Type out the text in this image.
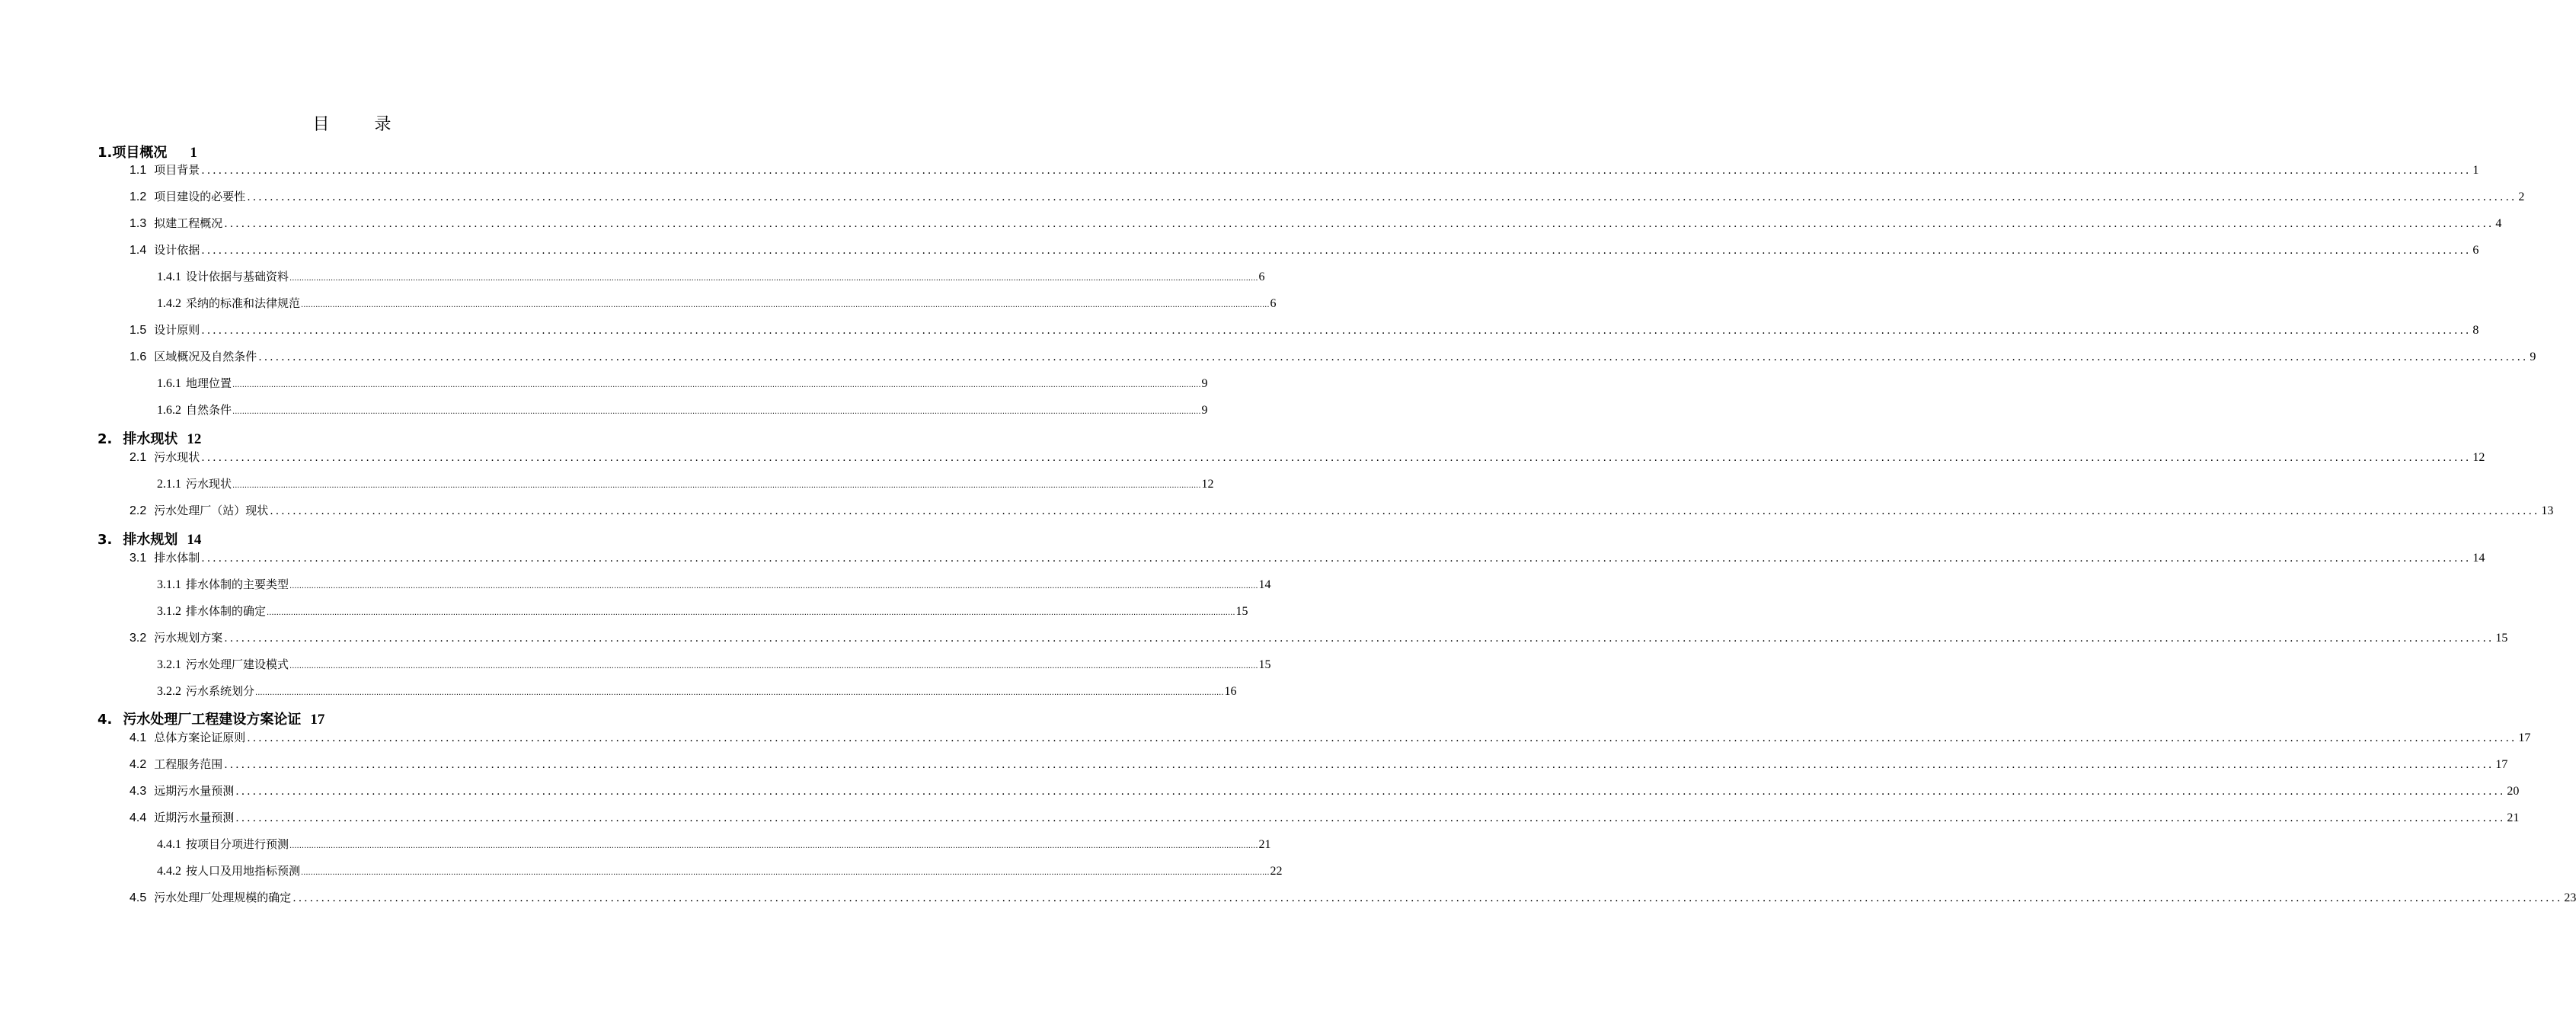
目 录
1.项目概况 1
1.1 项目背景 ................................................................................................................................................................................................................................................................................................................................................................................................................ 1
1.2 项目建设的必要性 ................................................................................................................................................................................................................................................................................................................................................................................................................ 2
1.3 拟建工程概况 ................................................................................................................................................................................................................................................................................................................................................................................................................ 4
1.4 设计依据 ................................................................................................................................................................................................................................................................................................................................................................................................................ 6
1.4.1 设计依据与基础资料 ................................................................................................................................................................................................................................................................................................................................................................................................................ 6
1.4.2 采纳的标准和法律规范 ................................................................................................................................................................................................................................................................................................................................................................................................................ 6
1.5 设计原则 ................................................................................................................................................................................................................................................................................................................................................................................................................ 8
1.6 区域概况及自然条件 ................................................................................................................................................................................................................................................................................................................................................................................................................ 9
1.6.1 地理位置 ................................................................................................................................................................................................................................................................................................................................................................................................................ 9
1.6.2 自然条件 ................................................................................................................................................................................................................................................................................................................................................................................................................ 9
2. 排水现状 12
2.1 污水现状 ................................................................................................................................................................................................................................................................................................................................................................................................................ 12
2.1.1 污水现状 ................................................................................................................................................................................................................................................................................................................................................................................................................ 12
2.2 污水处理厂（站）现状 ................................................................................................................................................................................................................................................................................................................................................................................................................ 13
3. 排水规划 14
3.1 排水体制 ................................................................................................................................................................................................................................................................................................................................................................................................................ 14
3.1.1 排水体制的主要类型 ................................................................................................................................................................................................................................................................................................................................................................................................................ 14
3.1.2 排水体制的确定 ................................................................................................................................................................................................................................................................................................................................................................................................................ 15
3.2 污水规划方案 ................................................................................................................................................................................................................................................................................................................................................................................................................ 15
3.2.1 污水处理厂建设模式 ................................................................................................................................................................................................................................................................................................................................................................................................................ 15
3.2.2 污水系统划分 ................................................................................................................................................................................................................................................................................................................................................................................................................ 16
4. 污水处理厂工程建设方案论证 17
4.1 总体方案论证原则 ................................................................................................................................................................................................................................................................................................................................................................................................................ 17
4.2 工程服务范围 ................................................................................................................................................................................................................................................................................................................................................................................................................ 17
4.3 远期污水量预测 ................................................................................................................................................................................................................................................................................................................................................................................................................ 20
4.4 近期污水量预测 ................................................................................................................................................................................................................................................................................................................................................................................................................ 21
4.4.1 按项目分项进行预测 ................................................................................................................................................................................................................................................................................................................................................................................................................ 21
4.4.2 按人口及用地指标预测 ................................................................................................................................................................................................................................................................................................................................................................................................................ 22
4.5 污水处理厂处理规模的确定 ................................................................................................................................................................................................................................................................................................................................................................................................................ 23
